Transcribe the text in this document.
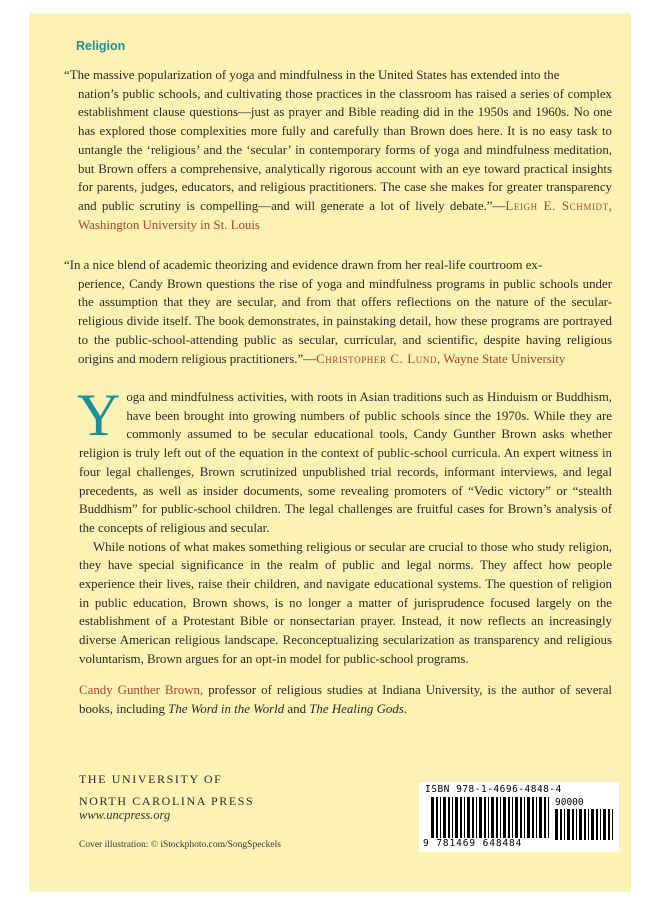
Religion
“The massive popularization of yoga and mindfulness in the United States has extended into the
nation’s public schools, and cultivating those practices in the classroom has raised a series of complex establishment clause questions—just as prayer and Bible reading did in the 1950s and 1960s. No one has explored those complexities more fully and carefully than Brown does here. It is no easy task to untangle the ‘religious’ and the ‘secular’ in contemporary forms of yoga and mindfulness meditation, but Brown offers a comprehensive, analytically rigorous account with an eye toward practical insights for parents, judges, educators, and religious practitioners. The case she makes for greater transparency and public scrutiny is compelling—and will generate a lot of lively debate.”—Leigh E. Schmidt, Washington University in St. Louis
“In a nice blend of academic theorizing and evidence drawn from her real-life courtroom ex-
perience, Candy Brown questions the rise of yoga and mindfulness programs in public schools under the assumption that they are secular, and from that offers reflections on the nature of the secular-religious divide itself. The book demonstrates, in painstaking detail, how these programs are portrayed to the public-school-attending public as secular, curricular, and scientific, despite having religious origins and modern religious practitioners.”—Christopher C. Lund, Wayne State University

Yoga and mindfulness activities, with roots in Asian traditions such as Hinduism or Buddhism, have been brought into growing numbers of public schools since the 1970s. While they are commonly assumed to be secular educational tools, Candy Gunther Brown asks whether religion is truly left out of the equation in the context of public-school curricula. An expert witness in four legal challenges, Brown scrutinized unpublished trial records, informant interviews, and legal precedents, as well as insider documents, some revealing promoters of “Vedic victory” or “stealth Buddhism” for public-school children. The legal challenges are fruitful cases for Brown’s analysis of the concepts of religious and secular.

While notions of what makes something religious or secular are crucial to those who study religion, they have special significance in the realm of public and legal norms. They affect how people experience their lives, raise their children, and navigate educational systems. The question of religion in public education, Brown shows, is no longer a matter of jurisprudence focused largely on the establishment of a Protestant Bible or nonsectarian prayer. Instead, it now reflects an increasingly diverse American religious landscape. Reconceptualizing secularization as transparency and religious voluntarism, Brown argues for an opt-in model for public-school programs.

Candy Gunther Brown, professor of religious studies at Indiana University, is the author of several books, including The Word in the World and The Healing Gods.
THE UNIVERSITY OF
NORTH CAROLINA PRESS
www.uncpress.org
Cover illustration: © iStockphoto.com/SongSpeckels
ISBN 978-1-4696-4848-4
90000
9 781469 648484
